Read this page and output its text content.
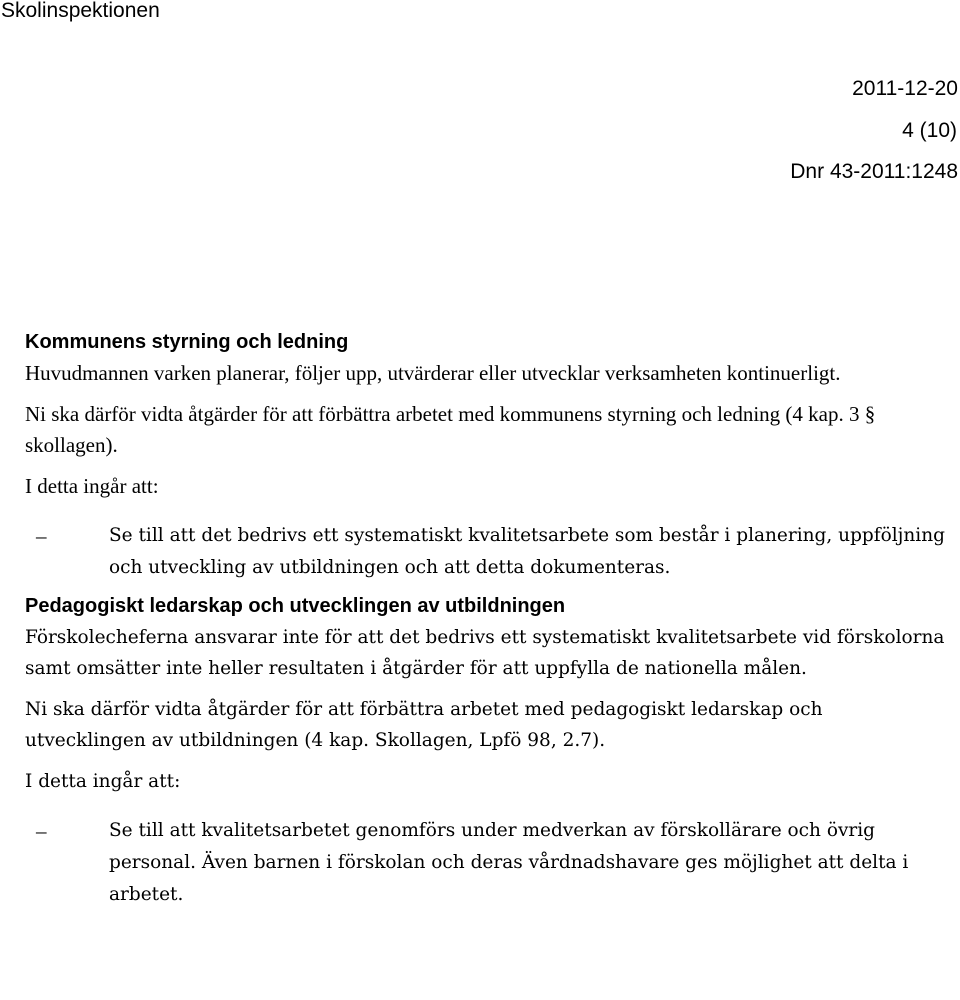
Skolinspektionen
2011-12-20
4 (10)
Dnr 43-2011:1248
Kommunens styrning och ledning

Huvudmannen varken planerar, följer upp, utvärderar eller utvecklar verksamheten kontinuerligt.

Ni ska därför vidta åtgärder för att förbättra arbetet med kommunens styrning och ledning (4 kap. 3 § skollagen).

I detta ingår att:

–	Se till att det bedrivs ett systematiskt kvalitetsarbete som består i planering, uppföljning och utveckling av utbildningen och att detta dokumenteras.
Pedagogiskt ledarskap och utvecklingen av utbildningen

Förskolecheferna ansvarar inte för att det bedrivs ett systematiskt kvalitetsarbete vid förskolorna samt omsätter inte heller resultaten i åtgärder för att uppfylla de nationella målen.

Ni ska därför vidta åtgärder för att förbättra arbetet med pedagogiskt ledarskap och utvecklingen av utbildningen (4 kap. Skollagen, Lpfö 98, 2.7).

I detta ingår att:

–	Se till att kvalitetsarbetet genomförs under medverkan av förskollärare och övrig personal. Även barnen i förskolan och deras vårdnadshavare ges möjlighet att delta i arbetet.
